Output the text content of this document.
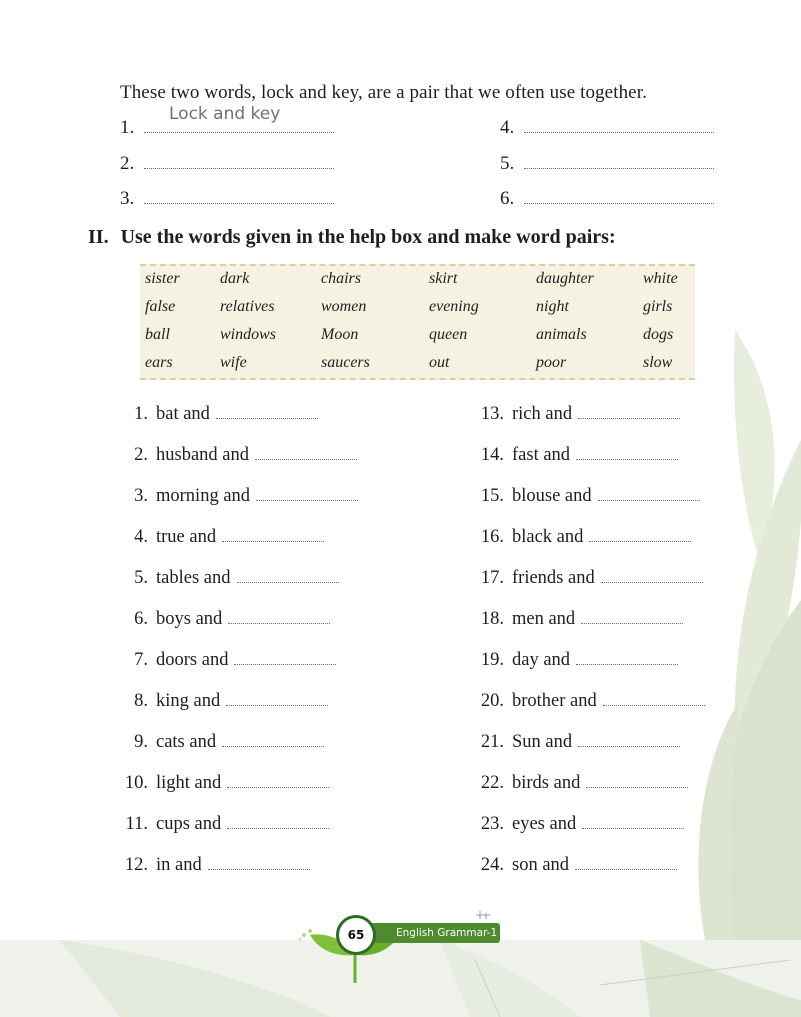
These two words, lock and key, are a pair that we often use together.
1.
Lock and key
2.
3.
4.
5.
6.
II. Use the words given in the help box and make word pairs:
sister	dark	chairs	skirt	daughter	white
false	relatives	women	evening	night	girls
ball	windows	Moon	queen	animals	dogs
ears	wife	saucers	out	poor	slow
1. bat and
2. husband and
3. morning and
4. true and
5. tables and
6. boys and
7. doors and
8. king and
9. cats and
10. light and
11. cups and
12. in and
13. rich and
14. fast and
15. blouse and
16. black and
17. friends and
18. men and
19. day and
20. brother and
21. Sun and
22. birds and
23. eyes and
24. son and
English Grammar-1
65
